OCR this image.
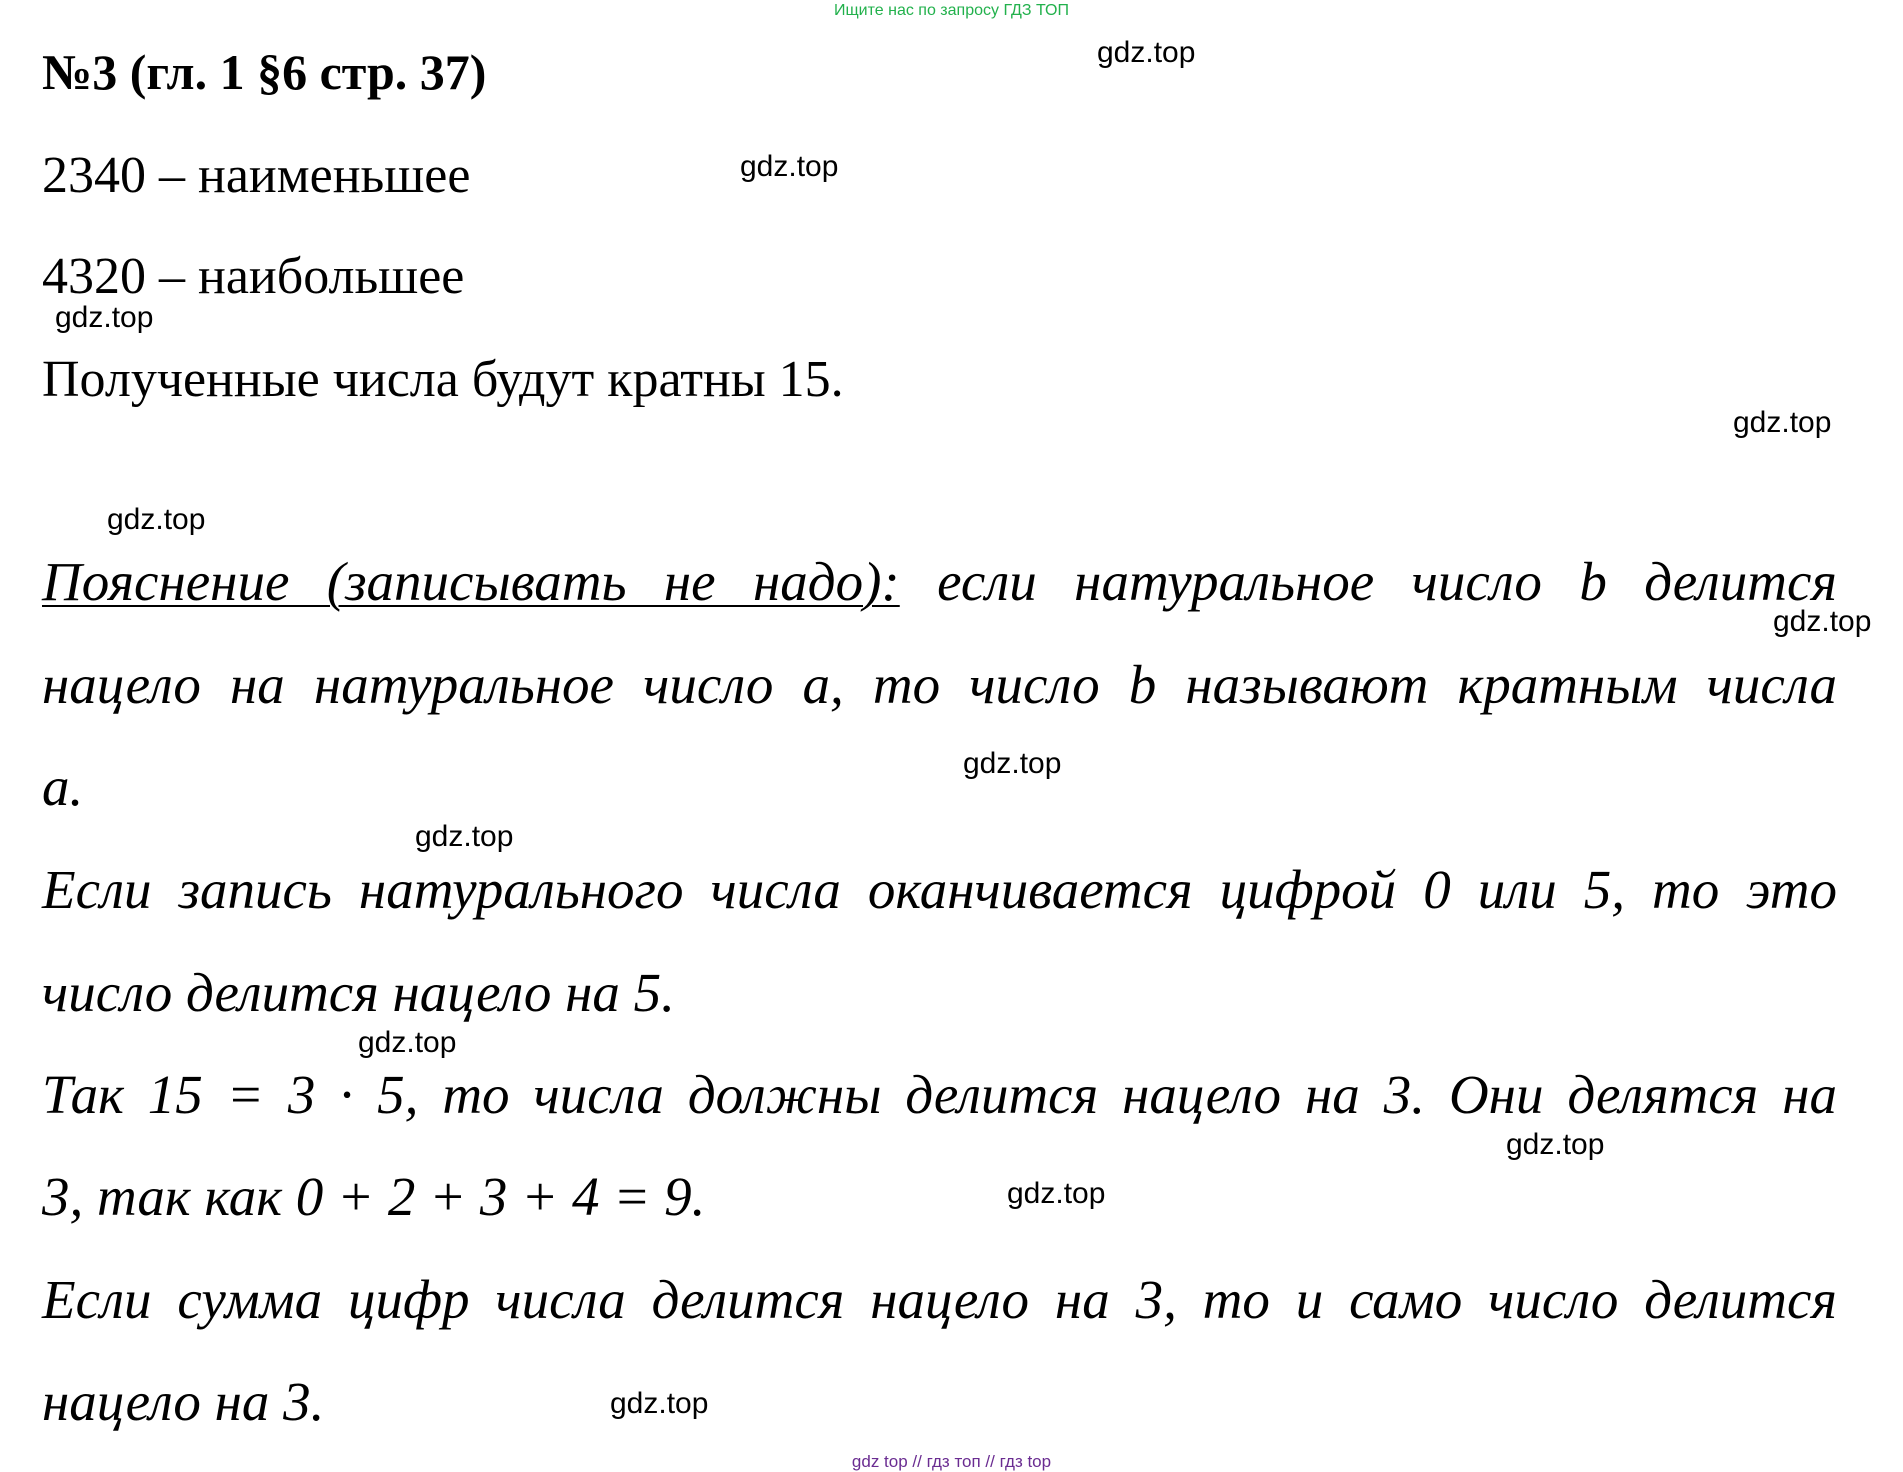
Ищите нас по запросу ГДЗ ТОП
№3 (гл. 1 §6 стр. 37)
2340 – наименьшее
4320 – наибольшее
Полученные числа будут кратны 15.
Пояснение (записывать не надо): если натуральное число b делится
нацело на натуральное число a, то число b называют кратным числа
a.
Если запись натурального числа оканчивается цифрой 0 или 5, то это
число делится нацело на 5.
Так 15 = 3 · 5, то числа должны делится нацело на 3. Они делятся на
3, так как 0 + 2 + 3 + 4 = 9.
Если сумма цифр числа делится нацело на 3, то и само число делится
нацело на 3.
gdz.top
gdz.top
gdz.top
gdz.top
gdz.top
gdz.top
gdz.top
gdz.top
gdz.top
gdz.top
gdz.top
gdz.top
gdz top // гдз топ // гдз top
